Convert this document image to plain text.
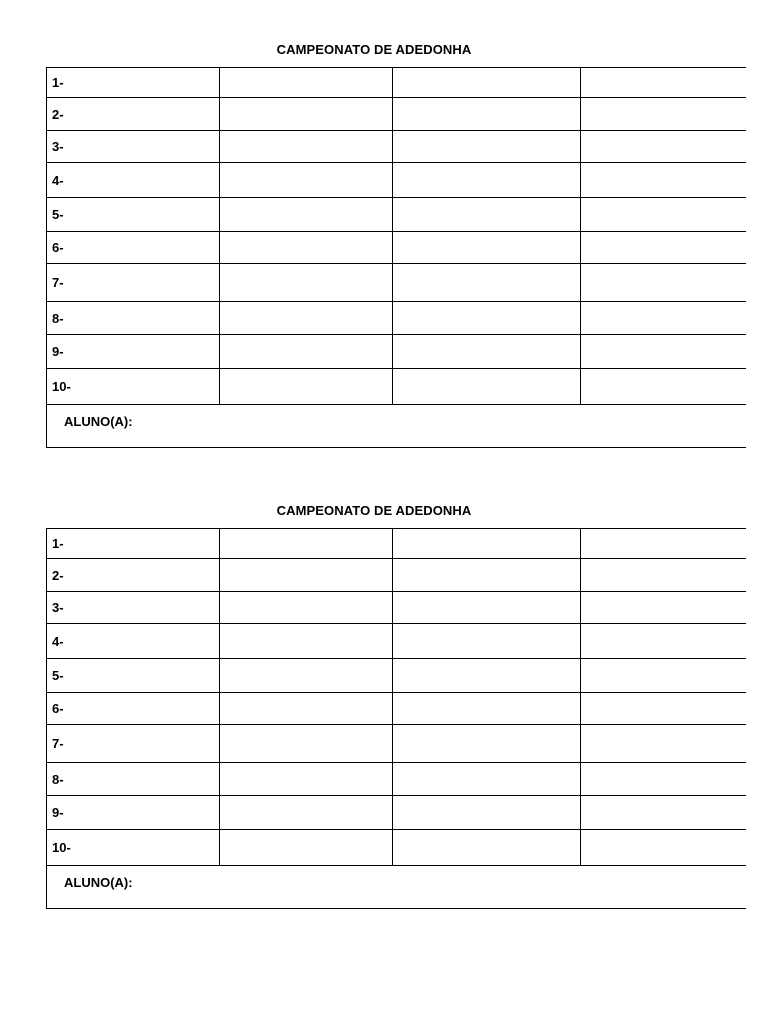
CAMPEONATO DE ADEDONHA
1-
2-
3-
4-
5-
6-
7-
8-
9-
10-
ALUNO(A):
CAMPEONATO DE ADEDONHA
1-
2-
3-
4-
5-
6-
7-
8-
9-
10-
ALUNO(A):
